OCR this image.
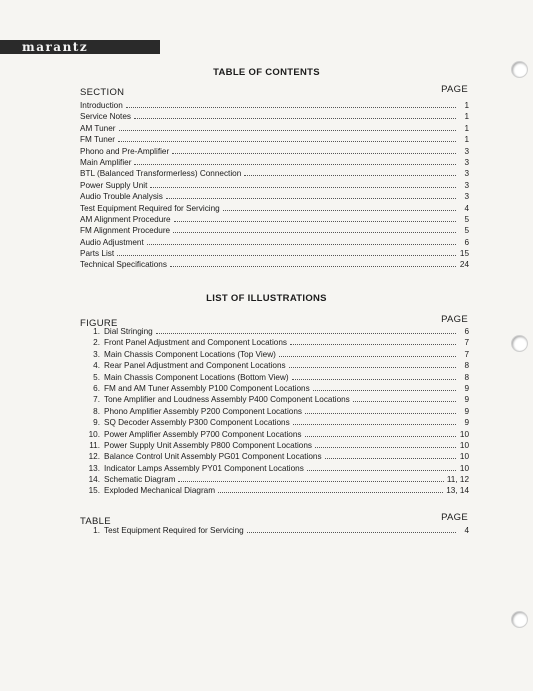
marantz
TABLE OF CONTENTS
SECTION	PAGE
Introduction	1
Service Notes	1
AM Tuner	1
FM Tuner	1
Phono and Pre-Amplifier	3
Main Amplifier	3
BTL (Balanced Transformerless) Connection	3
Power Supply Unit	3
Audio Trouble Analysis	3
Test Equipment Required for Servicing	4
AM Alignment Procedure	5
FM Alignment Procedure	5
Audio Adjustment	6
Parts List	15
Technical Specifications	24
LIST OF ILLUSTRATIONS
FIGURE	PAGE
1. Dial Stringing	6
2. Front Panel Adjustment and Component Locations	7
3. Main Chassis Component Locations (Top View)	7
4. Rear Panel Adjustment and Component Locations	8
5. Main Chassis Component Locations (Bottom View)	8
6. FM and AM Tuner Assembly P100 Component Locations	9
7. Tone Amplifier and Loudness Assembly P400 Component Locations	9
8. Phono Amplifier Assembly P200 Component Locations	9
9. SQ Decoder Assembly P300 Component Locations	9
10. Power Amplifier Assembly P700 Component Locations	10
11. Power Supply Unit Assembly P800 Component Locations	10
12. Balance Control Unit Assembly PG01 Component Locations	10
13. Indicator Lamps Assembly PY01 Component Locations	10
14. Schematic Diagram	11, 12
15. Exploded Mechanical Diagram	13, 14
TABLE	PAGE
1. Test Equipment Required for Servicing	4
